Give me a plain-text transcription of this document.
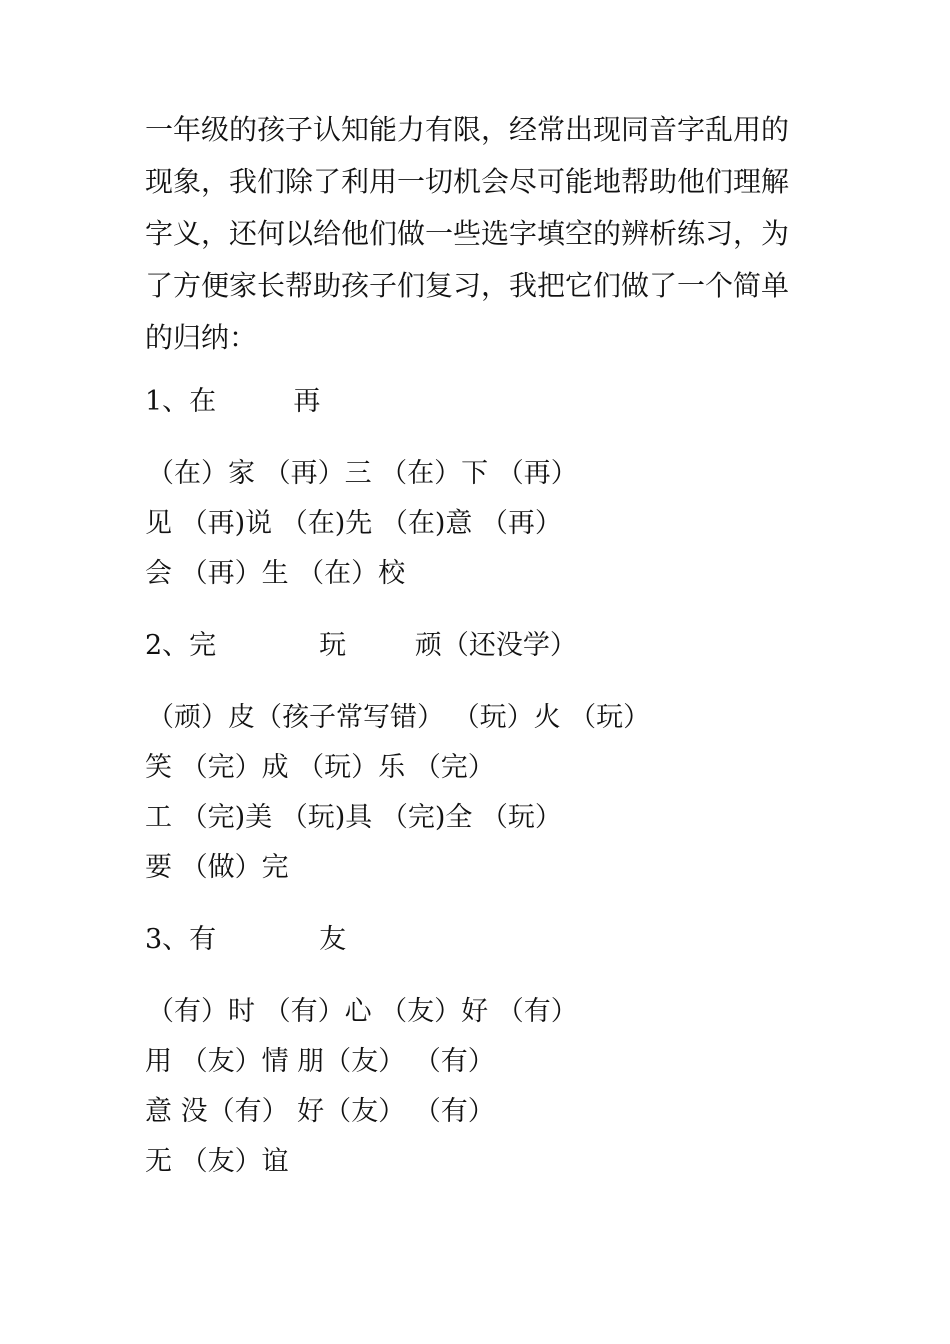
一年级的孩子认知能力有限，经常出现同音字乱用的现象，我们除了利用一切机会尽可能地帮助他们理解字义，还何以给他们做一些选字填空的辨析练习，为了方便家长帮助孩子们复习，我把它们做了一个简单的归纳：

1、在         再
（在）家 （再）三 （在）下 （再）
见 （再)说 （在)先 （在)意 （再）
会 （再）生 （在）校
2、完            玩        顽（还没学）
（顽）皮（孩子常写错） （玩）火 （玩）
笑 （完）成 （玩）乐 （完）
工 （完)美 （玩)具 （完)全 （玩）
要 （做）完
3、有            友
（有）时 （有）心 （友）好 （有）
用 （友）情 朋（友） （有）
意 没（有） 好（友） （有）
无 （友）谊
